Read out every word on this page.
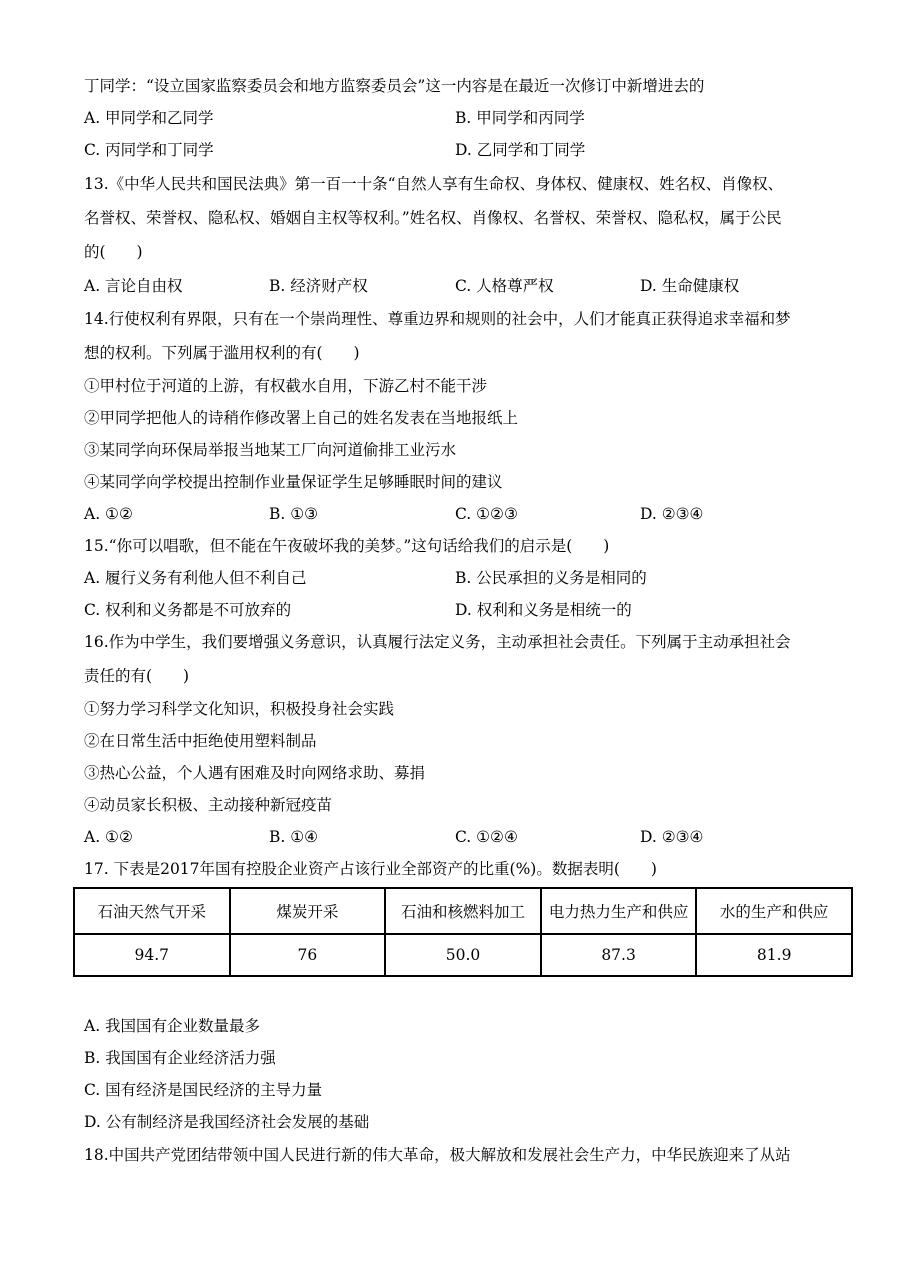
丁同学：“设立国家监察委员会和地方监察委员会”这一内容是在最近一次修订中新增进去的
A. 甲同学和乙同学	B. 甲同学和丙同学
C. 丙同学和丁同学	D. 乙同学和丁同学
13.《中华人民共和国民法典》第一百一十条“自然人享有生命权、身体权、健康权、姓名权、肖像权、
名誉权、荣誉权、隐私权、婚姻自主权等权利。”姓名权、肖像权、名誉权、荣誉权、隐私权，属于公民
的(　　)
A. 言论自由权	B. 经济财产权	C. 人格尊严权	D. 生命健康权
14.行使权利有界限，只有在一个崇尚理性、尊重边界和规则的社会中，人们才能真正获得追求幸福和梦
想的权利。下列属于滥用权利的有(　　)
①甲村位于河道的上游，有权截水自用，下游乙村不能干涉
②甲同学把他人的诗稍作修改署上自己的姓名发表在当地报纸上
③某同学向环保局举报当地某工厂向河道偷排工业污水
④某同学向学校提出控制作业量保证学生足够睡眠时间的建议
A. ①②	B. ①③	C. ①②③	D. ②③④
15.“你可以唱歌，但不能在午夜破坏我的美梦。”这句话给我们的启示是(　　)
A. 履行义务有利他人但不利自己	B. 公民承担的义务是相同的
C. 权利和义务都是不可放弃的	D. 权利和义务是相统一的
16.作为中学生，我们要增强义务意识，认真履行法定义务，主动承担社会责任。下列属于主动承担社会
责任的有(　　)
①努力学习科学文化知识，积极投身社会实践
②在日常生活中拒绝使用塑料制品
③热心公益，个人遇有困难及时向网络求助、募捐
④动员家长积极、主动接种新冠疫苗
A. ①②	B. ①④	C. ①②④	D. ②③④
17. 下表是2017年国有控股企业资产占该行业全部资产的比重(%)。数据表明(　　)
石油天然气开采	煤炭开采	石油和核燃料加工	电力热力生产和供应	水的生产和供应
94.7	76	50.0	87.3	81.9
A. 我国国有企业数量最多
B. 我国国有企业经济活力强
C. 国有经济是国民经济的主导力量
D. 公有制经济是我国经济社会发展的基础
18.中国共产党团结带领中国人民进行新的伟大革命，极大解放和发展社会生产力，中华民族迎来了从站
